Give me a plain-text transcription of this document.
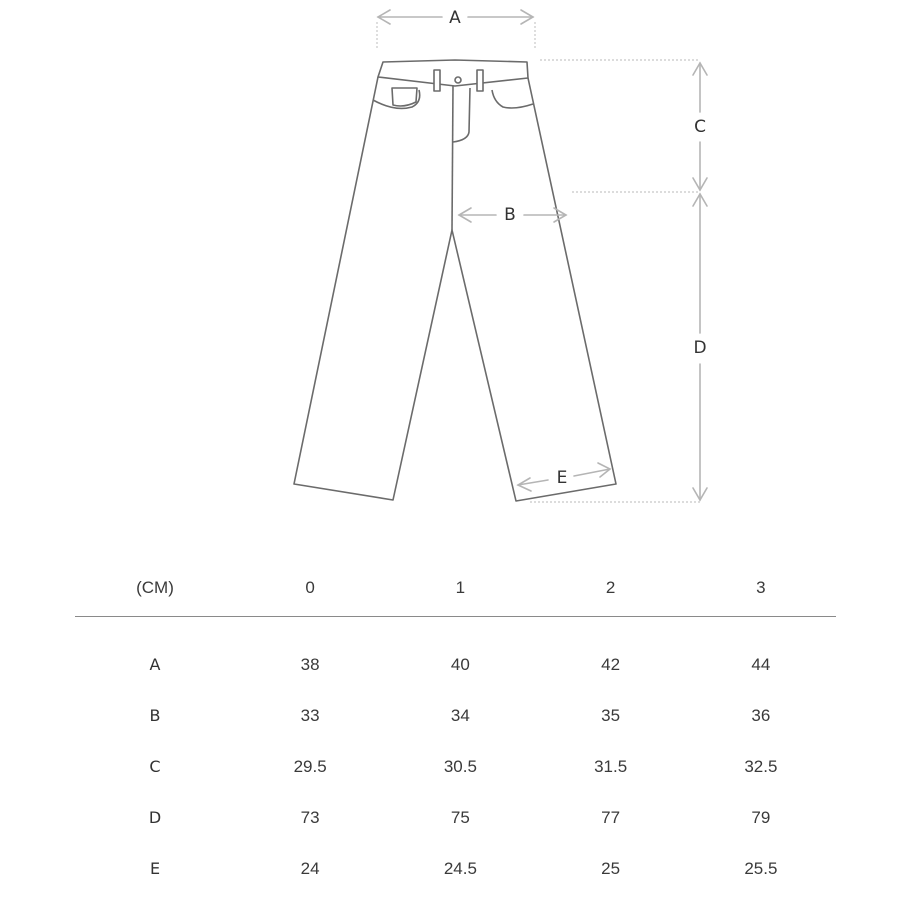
A
B
C
D
E
(CM)	0	1	2	3
A	38	40	42	44
B	33	34	35	36
C	29.5	30.5	31.5	32.5
D	73	75	77	79
E	24	24.5	25	25.5
